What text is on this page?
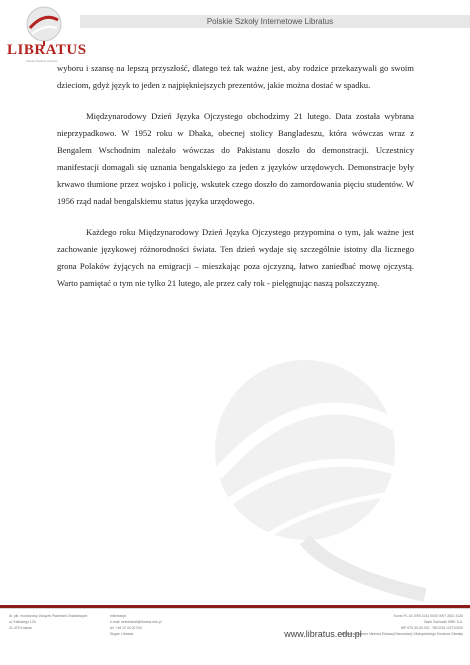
Polskie Szkoły Internetowe Libratus
LIBRATUS
Szkoła Średnia Libratus

wyboru i szansę na lepszą przyszłość, dlatego też tak ważne jest, aby rodzice przekazywali go swoim dzieciom, gdyż język to jeden z najpiękniejszych prezentów, jakie można dostać w spadku.

Międzynarodowy Dzień Języka Ojczystego obchodzimy 21 lutego. Data została wybrana nieprzypadkowo. W 1952 roku w Dhaka, obecnej stolicy Bangladeszu, która wówczas wraz z Bengalem Wschodnim należało wówczas do Pakistanu doszło do demonstracji. Uczestnicy manifestacji domagali się uznania bengalskiego za jeden z języków urzędowych. Demonstracje były krwawo tłumione przez wojsko i policję, wskutek czego doszło do zamordowania pięciu studentów. W 1956 rząd nadał bengalskiemu status języka urzędowego.

Każdego roku Międzynarodowy Dzień Języka Ojczystego przypomina o tym, jak ważne jest zachowanie językowej różnorodności świata. Ten dzień wydaje się szczególnie istotny dla licznego grona Polaków żyjących na emigracji – mieszkając poza ojczyzną, łatwo zaniedbać mowę ojczystą. Warto pamiętać o tym nie tylko 21 lutego, ale przez cały rok - pielęgnując naszą polszczyznę.

Al. płk. mundurowy Związek Placówek Oświatowych
ul. Kaliskiego 12b
01-476 Kraków
Informacje:
e-mail: sekretariat@libratus.edu.pl
tel. +48 12 44 00 000
Skype: Libratus
Konto PL 16 1090 1014 0000 0007 2811 3126
Bank Zachodni WBK S.A.
NIP 679-30-60-002 · REGON 122710020
Rejestracja przez Ministra Edukacji Narodowej i Małopolskiego Kuratora Oświaty
www.libratus.edu.pl
